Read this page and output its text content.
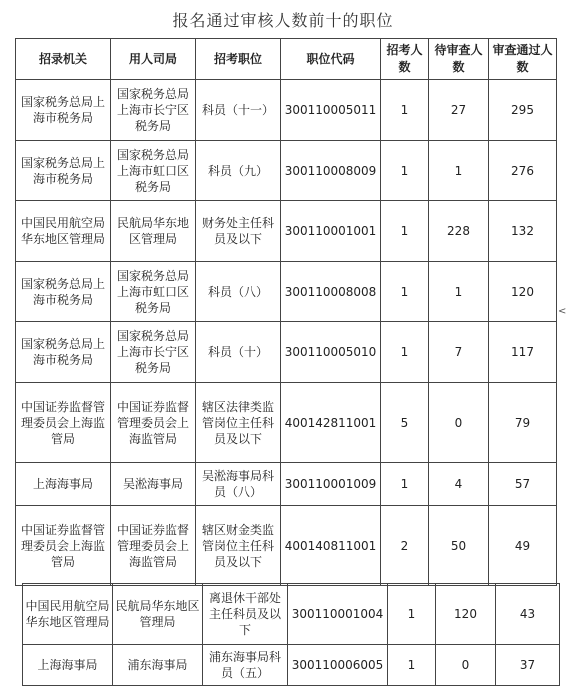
报名通过审核人数前十的职位
招录机关	用人司局	招考职位	职位代码	招考人数	待审查人数	审查通过人数
国家税务总局上海市税务局	国家税务总局上海市长宁区税务局	科员（十一）	300110005011	1	27	295
国家税务总局上海市税务局	国家税务总局上海市虹口区税务局	科员（九）	300110008009	1	1	276
中国民用航空局华东地区管理局	民航局华东地区管理局	财务处主任科员及以下	300110001001	1	228	132
国家税务总局上海市税务局	国家税务总局上海市虹口区税务局	科员（八）	300110008008	1	1	120
国家税务总局上海市税务局	国家税务总局上海市长宁区税务局	科员（十）	300110005010	1	7	117
中国证券监督管理委员会上海监管局	中国证券监督管理委员会上海监管局	辖区法律类监管岗位主任科员及以下	400142811001	5	0	79
上海海事局	吴淞海事局	吴淞海事局科员（八）	300110001009	1	4	57
中国证券监督管理委员会上海监管局	中国证券监督管理委员会上海监管局	辖区财金类监管岗位主任科员及以下	400140811001	2	50	49
中国民用航空局华东地区管理局	民航局华东地区管理局	离退休干部处主任科员及以下	300110001004	1	120	43
上海海事局	浦东海事局	浦东海事局科员（五）	300110006005	1	0	37
<
